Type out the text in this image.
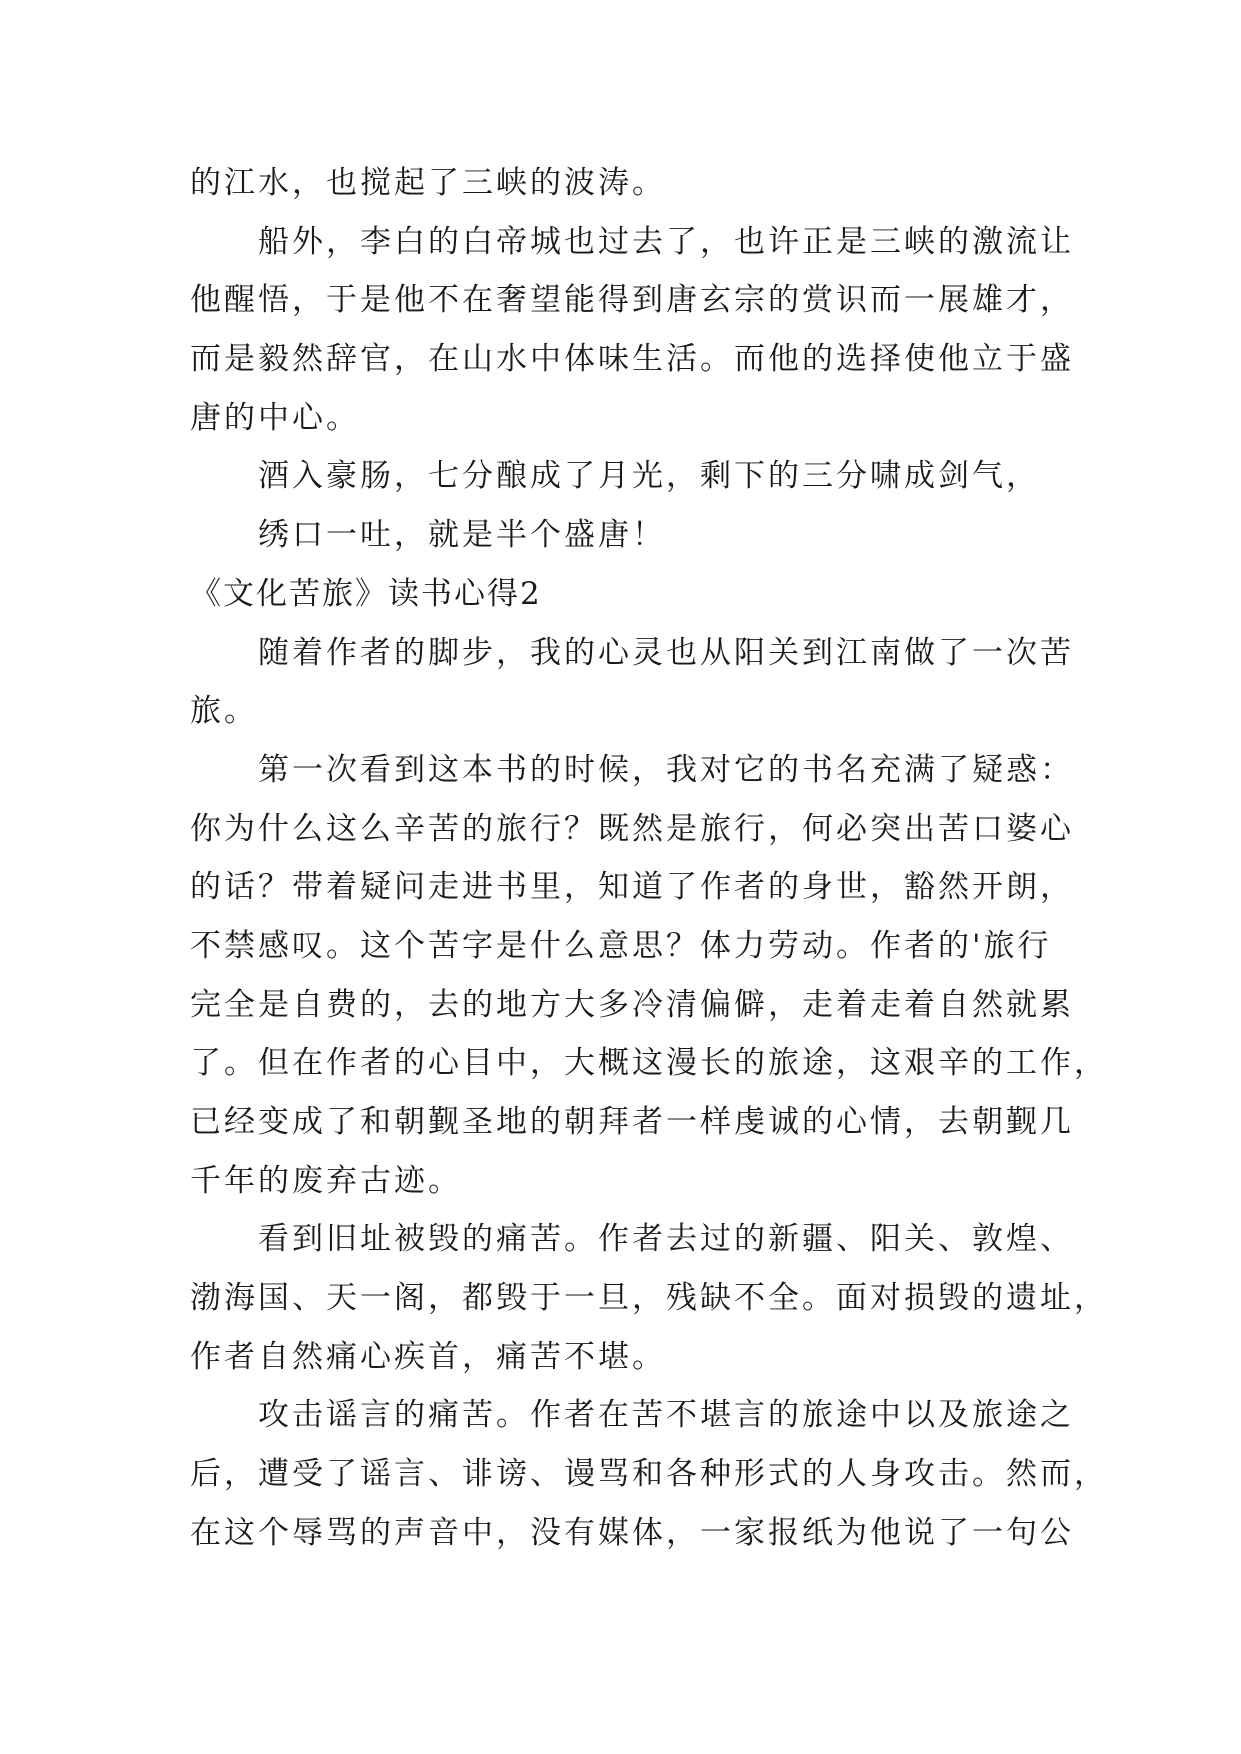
的江水，也搅起了三峡的波涛。
船外，李白的白帝城也过去了，也许正是三峡的激流让
他醒悟，于是他不在奢望能得到唐玄宗的赏识而一展雄才，
而是毅然辞官，在山水中体味生活。而他的选择使他立于盛
唐的中心。
酒入豪肠，七分酿成了月光，剩下的三分啸成剑气，
绣口一吐，就是半个盛唐！
《文化苦旅》读书心得2
随着作者的脚步，我的心灵也从阳关到江南做了一次苦
旅。
第一次看到这本书的时候，我对它的书名充满了疑惑：
你为什么这么辛苦的旅行？既然是旅行，何必突出苦口婆心
的话？带着疑问走进书里，知道了作者的身世，豁然开朗，
不禁感叹。这个苦字是什么意思？体力劳动。作者的'旅行
完全是自费的，去的地方大多冷清偏僻，走着走着自然就累
了。但在作者的心目中，大概这漫长的旅途，这艰辛的工作，
已经变成了和朝觐圣地的朝拜者一样虔诚的心情，去朝觐几
千年的废弃古迹。
看到旧址被毁的痛苦。作者去过的新疆、阳关、敦煌、
渤海国、天一阁，都毁于一旦，残缺不全。面对损毁的遗址，
作者自然痛心疾首，痛苦不堪。
攻击谣言的痛苦。作者在苦不堪言的旅途中以及旅途之
后，遭受了谣言、诽谤、谩骂和各种形式的人身攻击。然而，
在这个辱骂的声音中，没有媒体，一家报纸为他说了一句公
